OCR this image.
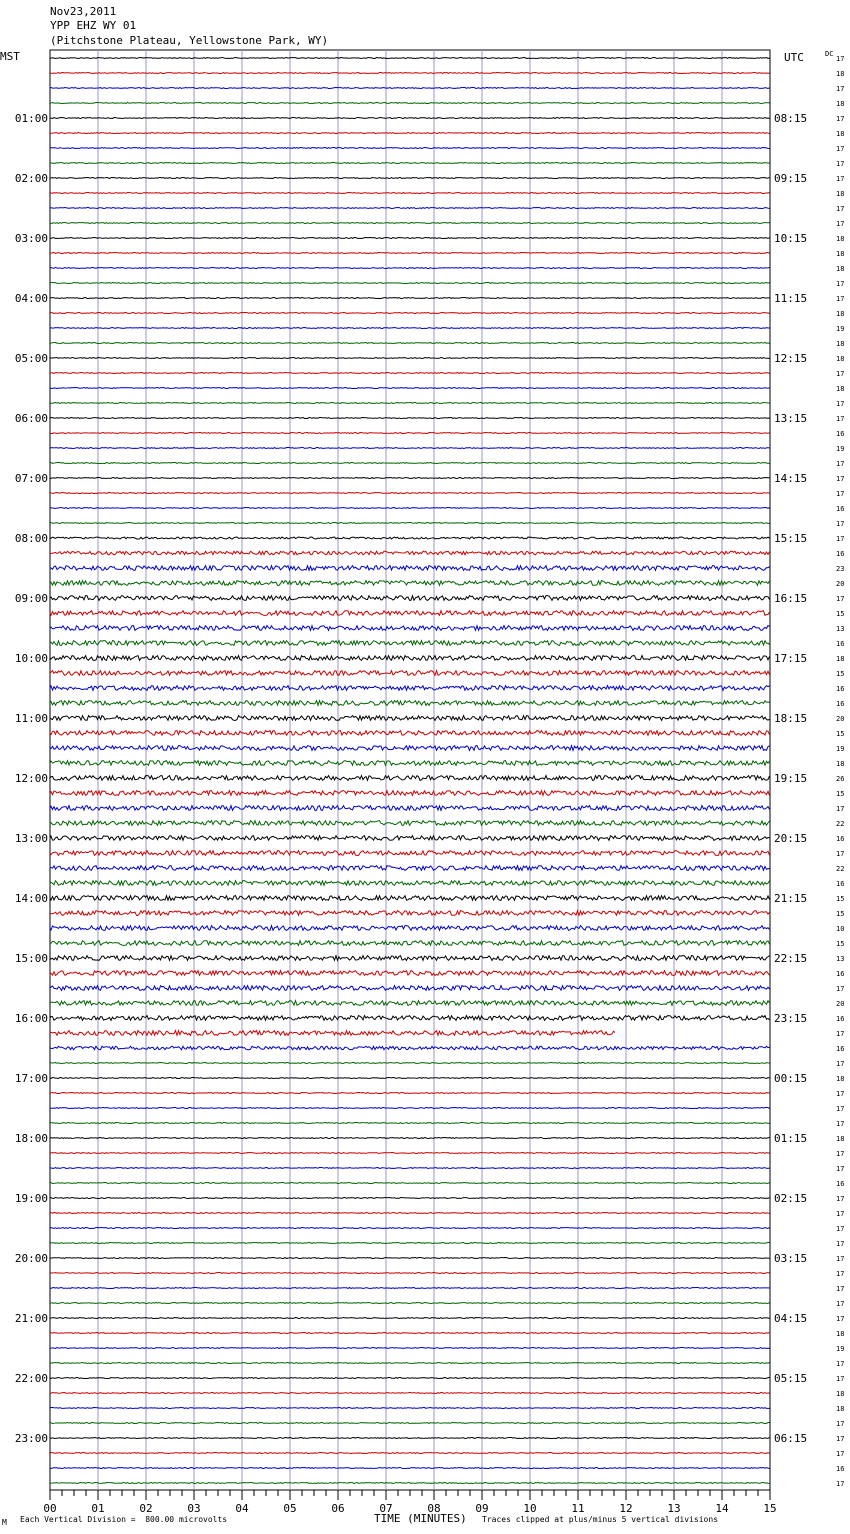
Nov23,2011
YPP EHZ WY 01
(Pitchstone Plateau, Yellowstone Park, WY)
MST	UTC	DC
00	01	02	03	04	05	06	07	08	09	10	11	12	13	14	15
17
18
17
18
17
18
17
17
17
18
17
17
18
18
18
17
17
18
19
18
18
17
18
17
17
16
19
17
17
17
16
17
17
16
23
20
17
15
13
16
18
15
16
16
20
15
19
18
26
15
17
22
16
17
22
16
15
15
10
15
13
16
17
20
16
17
16
17
18
17
17
17
18
17
17
16
17
17
17
17
17
17
17
17
17
18
19
17
17
18
18
17
17
17
16
17
01:00
02:00
03:00
04:00
05:00
06:00
07:00
08:00
09:00
10:00
11:00
12:00
13:00
14:00
15:00
16:00
17:00
18:00
19:00
20:00
21:00
22:00
23:00
08:15
09:15
10:15
11:15
12:15
13:15
14:15
15:15
16:15
17:15
18:15
19:15
20:15
21:15
22:15
23:15
00:15
01:15
02:15
03:15
04:15
05:15
06:15
M Each Vertical Division =  800.00 microvolts	TIME (MINUTES) Traces clipped at plus/minus 5 vertical divisions
